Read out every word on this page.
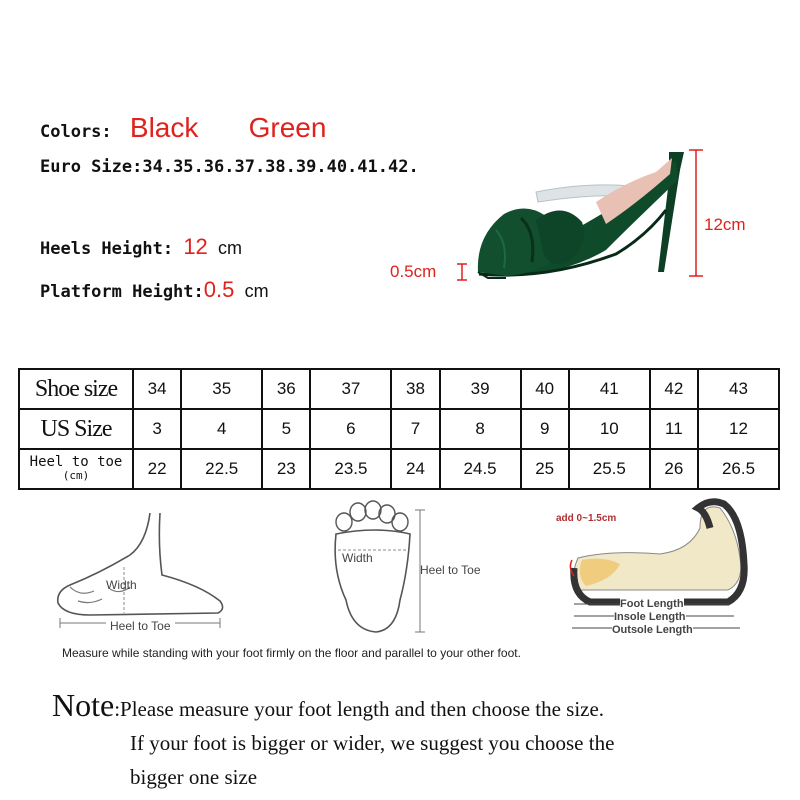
Colors: Black Green
Euro Size:34.35.36.37.38.39.40.41.42.
Heels Height: 12 cm
Platform Height:0.5 cm
12cm
0.5cm
Shoe size	34	35	36	37	38	39	40	41	42	43
US Size	3	4	5	6	7	8	9	10	11	12

Heel to toe
(cm)	22	22.5	23	23.5	24	24.5	25	25.5	26	26.5
Width
Heel to Toe
Width
Heel to Toe
add 0~1.5cm
Foot Length
Insole Length
Outsole Length
Measure while standing with your foot firmly on the floor and parallel to your other foot.
Note:Please measure your foot length and then choose the size.
If your foot is bigger or wider, we suggest you choose the
bigger one size
